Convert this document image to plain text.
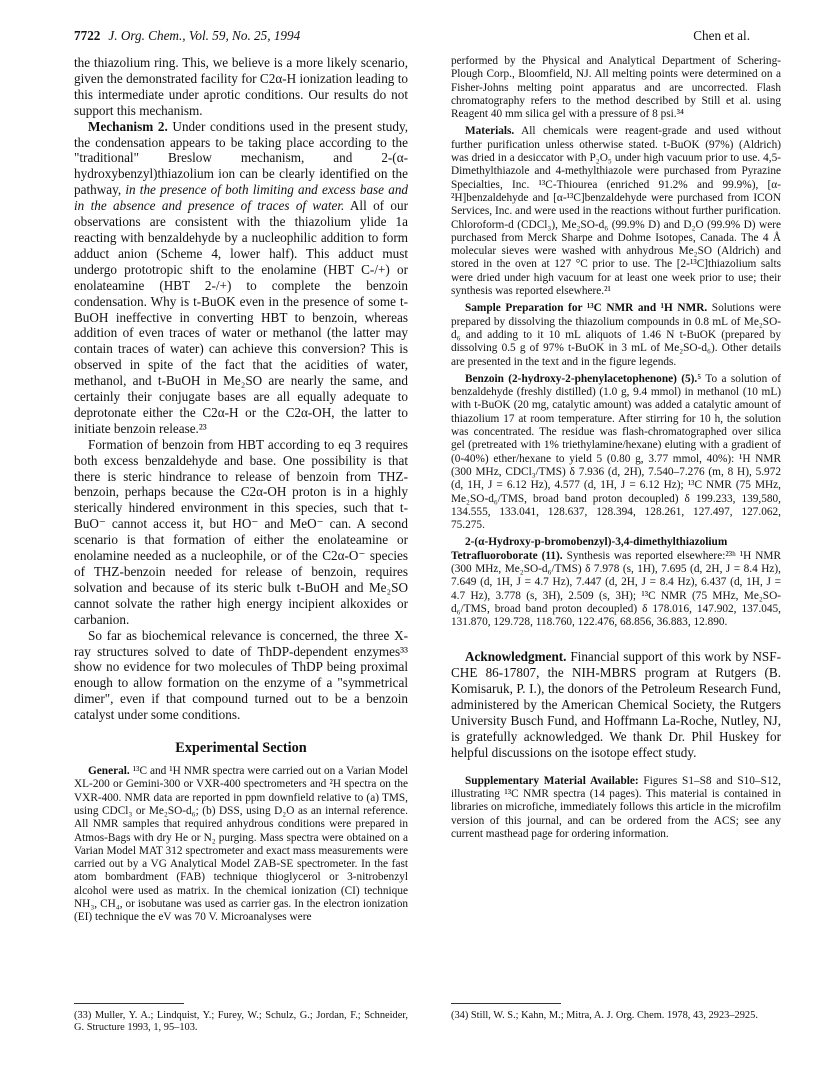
7722 J. Org. Chem., Vol. 59, No. 25, 1994	Chen et al.

the thiazolium ring. This, we believe is a more likely scenario, given the demonstrated facility for C2α-H ionization leading to this intermediate under aprotic conditions. Our results do not support this mechanism.

Mechanism 2. Under conditions used in the present study, the condensation appears to be taking place according to the "traditional" Breslow mechanism, and 2-(α-hydroxybenzyl)thiazolium ion can be clearly identified on the pathway, in the presence of both limiting and excess base and in the absence and presence of traces of water. All of our observations are consistent with the thiazolium ylide 1a reacting with benzaldehyde by a nucleophilic addition to form adduct anion (Scheme 4, lower half). This adduct must undergo prototropic shift to the enolamine (HBT C-/+) or enolateamine (HBT 2-/+) to complete the benzoin condensation. Why is t-BuOK even in the presence of some t-BuOH ineffective in converting HBT to benzoin, whereas addition of even traces of water or methanol (the latter may contain traces of water) can achieve this conversion? This is observed in spite of the fact that the acidities of water, methanol, and t-BuOH in Me₂SO are nearly the same, and certainly their conjugate bases are all equally adequate to deprotonate either the C2α-H or the C2α-OH, the latter to initiate benzoin release.²³

Formation of benzoin from HBT according to eq 3 requires both excess benzaldehyde and base. One possibility is that there is steric hindrance to release of benzoin from THZ-benzoin, perhaps because the C2α-OH proton is in a highly sterically hindered environment in this species, such that t-BuO⁻ cannot access it, but HO⁻ and MeO⁻ can. A second scenario is that formation of either the enolateamine or enolamine needed as a nucleophile, or of the C2α-O⁻ species of THZ-benzoin needed for release of benzoin, requires solvation and because of its steric bulk t-BuOH and Me₂SO cannot solvate the rather high energy incipient alkoxides or carbanion.

So far as biochemical relevance is concerned, the three X-ray structures solved to date of ThDP-dependent enzymes³³ show no evidence for two molecules of ThDP being proximal enough to allow formation on the enzyme of a "symmetrical dimer", even if that compound turned out to be a benzoin catalyst under some conditions.

Experimental Section

General. ¹³C and ¹H NMR spectra were carried out on a Varian Model XL-200 or Gemini-300 or VXR-400 spectrometers and ²H spectra on the VXR-400. NMR data are reported in ppm downfield relative to (a) TMS, using CDCl₃ or Me₂SO-d₆; (b) DSS, using D₂O as an internal reference. All NMR samples that required anhydrous conditions were prepared in Atmos-Bags with dry He or N₂ purging. Mass spectra were obtained on a Varian Model MAT 312 spectrometer and exact mass measurements were carried out by a VG Analytical Model ZAB-SE spectrometer. In the fast atom bombardment (FAB) technique thioglycerol or 3-nitrobenzyl alcohol were used as matrix. In the chemical ionization (CI) technique NH₃, CH₄, or isobutane was used as carrier gas. In the electron ionization (EI) technique the eV was 70 V. Microanalyses were

performed by the Physical and Analytical Department of Schering-Plough Corp., Bloomfield, NJ. All melting points were determined on a Fisher-Johns melting point apparatus and are uncorrected. Flash chromatography refers to the method described by Still et al. using Reagent 40 mm silica gel with a pressure of 8 psi.³⁴

Materials. All chemicals were reagent-grade and used without further purification unless otherwise stated. t-BuOK (97%) (Aldrich) was dried in a desiccator with P₂O₅ under high vacuum prior to use. 4,5-Dimethylthiazole and 4-methylthiazole were purchased from Pyrazine Specialties, Inc. ¹³C-Thiourea (enriched 91.2% and 99.9%), [α-²H]benzaldehyde and [α-¹³C]benzaldehyde were purchased from ICON Services, Inc. and were used in the reactions without further purification. Chloroform-d (CDCl₃), Me₂SO-d₆ (99.9% D) and D₂O (99.9% D) were purchased from Merck Sharpe and Dohme Isotopes, Canada. The 4 Å molecular sieves were washed with anhydrous Me₂SO (Aldrich) and stored in the oven at 127 °C prior to use. The [2-¹³C]thiazolium salts were dried under high vacuum for at least one week prior to use; their synthesis was reported elsewhere.²¹

Sample Preparation for ¹³C NMR and ¹H NMR. Solutions were prepared by dissolving the thiazolium compounds in 0.8 mL of Me₂SO-d₆ and adding to it 10 mL aliquots of 1.46 N t-BuOK (prepared by dissolving 0.5 g of 97% t-BuOK in 3 mL of Me₂SO-d₆). Other details are presented in the text and in the figure legends.

Benzoin (2-hydroxy-2-phenylacetophenone) (5).⁵ To a solution of benzaldehyde (freshly distilled) (1.0 g, 9.4 mmol) in methanol (10 mL) with t-BuOK (20 mg, catalytic amount) was added a catalytic amount of thiazolium 17 at room temperature. After stirring for 10 h, the solution was concentrated. The residue was flash-chromatographed over silica gel (pretreated with 1% triethylamine/hexane) eluting with a gradient of (0-40%) ether/hexane to yield 5 (0.80 g, 3.77 mmol, 40%): ¹H NMR (300 MHz, CDCl₃/TMS) δ 7.936 (d, 2H), 7.540–7.276 (m, 8 H), 5.972 (d, 1H, J = 6.12 Hz), 4.577 (d, 1H, J = 6.12 Hz); ¹³C NMR (75 MHz, Me₂SO-d₆/TMS, broad band proton decoupled) δ 199.233, 139,580, 134.555, 133.041, 128.637, 128.394, 128.261, 127.497, 127.062, 75.275.

2-(α-Hydroxy-p-bromobenzyl)-3,4-dimethylthiazolium Tetrafluoroborate (11). Synthesis was reported elsewhere:²³ʰ ¹H NMR (300 MHz, Me₂SO-d₆/TMS) δ 7.978 (s, 1H), 7.695 (d, 2H, J = 8.4 Hz), 7.649 (d, 1H, J = 4.7 Hz), 7.447 (d, 2H, J = 8.4 Hz), 6.437 (d, 1H, J = 4.7 Hz), 3.778 (s, 3H), 2.509 (s, 3H); ¹³C NMR (75 MHz, Me₂SO-d₆/TMS, broad band proton decoupled) δ 178.016, 147.902, 137.045, 131.870, 129.728, 118.760, 122.476, 68.856, 36.883, 12.890.

Acknowledgment. Financial support of this work by NSF-CHE 86-17807, the NIH-MBRS program at Rutgers (B. Komisaruk, P. I.), the donors of the Petroleum Research Fund, administered by the American Chemical Society, the Rutgers University Busch Fund, and Hoffmann La-Roche, Nutley, NJ, is gratefully acknowledged. We thank Dr. Phil Huskey for helpful discussions on the isotope effect study.

Supplementary Material Available: Figures S1–S8 and S10–S12, illustrating ¹³C NMR spectra (14 pages). This material is contained in libraries on microfiche, immediately follows this article in the microfilm version of this journal, and can be ordered from the ACS; see any current masthead page for ordering information.

(33) Muller, Y. A.; Lindquist, Y.; Furey, W.; Schulz, G.; Jordan, F.; Schneider, G. Structure 1993, 1, 95–103.
(34) Still, W. S.; Kahn, M.; Mitra, A. J. Org. Chem. 1978, 43, 2923–2925.
